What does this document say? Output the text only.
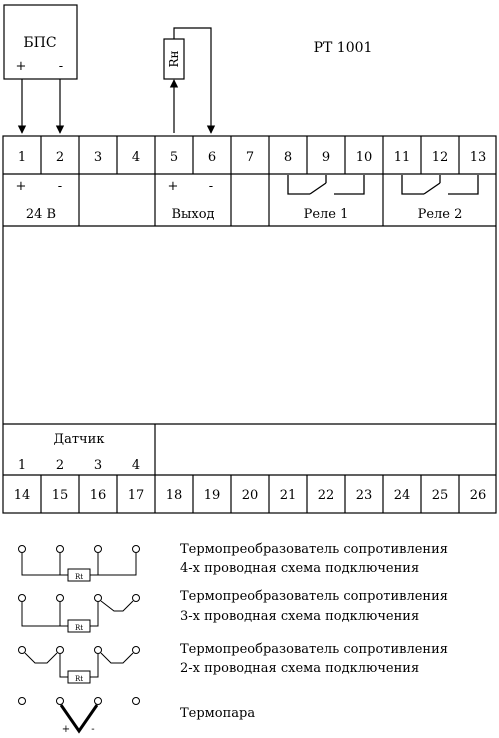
БПС
+ -	Rн
РТ 1001
1 2 3 4 5 6 7 8 9 10 11 12 13
+ -
24 В
+ -
Выход	Реле 1	Реле 2
Датчик
1 2 3 4
14 15 16 17 18 19 20 21 22 23 24 25 26
Rt
Термопреобразователь сопротивления
4-х проводная схема подключения
Rt
Термопреобразователь сопротивления
3-х проводная схема подключения
Rt
Термопреобразователь сопротивления
2-х проводная схема подключения
+ -
Термопара
